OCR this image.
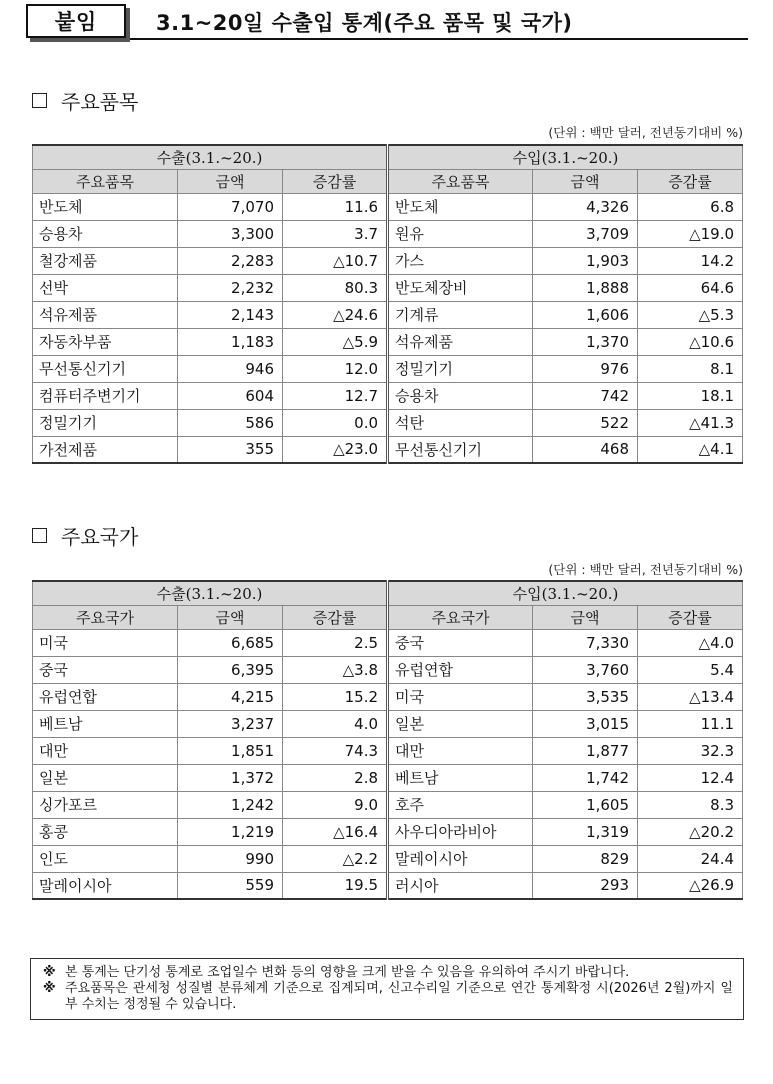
붙임	3.1~20일 수출입 통계(주요 품목 및 국가)
주요품목
(단위 : 백만 달러, 전년동기대비 %)
수출(3.1.~20.)			수입(3.1.~20.)		
주요품목	금액	증감률	주요품목	금액	증감률
반도체	7,070	11.6	반도체	4,326	6.8
승용차	3,300	3.7	원유	3,709	△19.0
철강제품	2,283	△10.7	가스	1,903	14.2
선박	2,232	80.3	반도체장비	1,888	64.6
석유제품	2,143	△24.6	기계류	1,606	△5.3
자동차부품	1,183	△5.9	석유제품	1,370	△10.6
무선통신기기	946	12.0	정밀기기	976	8.1
컴퓨터주변기기	604	12.7	승용차	742	18.1
정밀기기	586	0.0	석탄	522	△41.3
가전제품	355	△23.0	무선통신기기	468	△4.1
주요국가
(단위 : 백만 달러, 전년동기대비 %)
수출(3.1.~20.)			수입(3.1.~20.)		
주요국가	금액	증감률	주요국가	금액	증감률
미국	6,685	2.5	중국	7,330	△4.0
중국	6,395	△3.8	유럽연합	3,760	5.4
유럽연합	4,215	15.2	미국	3,535	△13.4
베트남	3,237	4.0	일본	3,015	11.1
대만	1,851	74.3	대만	1,877	32.3
일본	1,372	2.8	베트남	1,742	12.4
싱가포르	1,242	9.0	호주	1,605	8.3
홍콩	1,219	△16.4	사우디아라비아	1,319	△20.2
인도	990	△2.2	말레이시아	829	24.4
말레이시아	559	19.5	러시아	293	△26.9
※ 본 통계는 단기성 통계로 조업일수 변화 등의 영향을 크게 받을 수 있음을 유의하여 주시기 바랍니다.
※ 주요품목은 관세청 성질별 분류체계 기준으로 집계되며, 신고수리일 기준으로 연간 통계확정 시(2026년 2월)까지 일부 수치는 정정될 수 있습니다.
